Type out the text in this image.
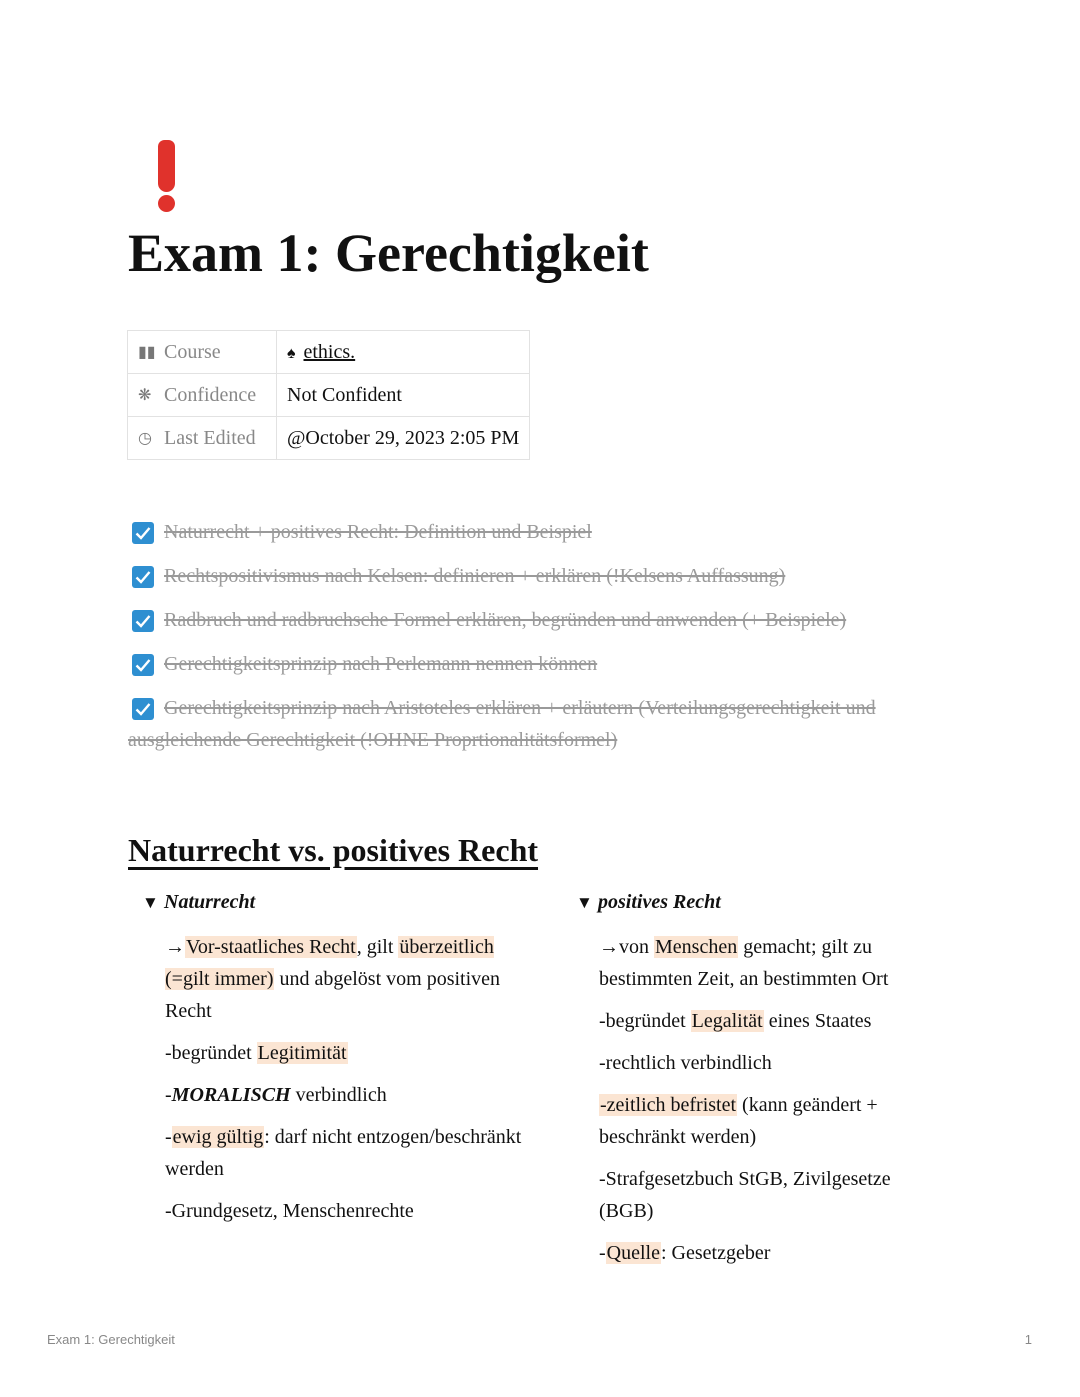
Exam 1: Gerechtigkeit
▮▮ Course	♠ ethics.
❋ Confidence	Not Confident
◷ Last Edited	@October 29, 2023 2:05 PM
Naturrecht + positives Recht: Definition und Beispiel
Rechtspositivismus nach Kelsen: definieren + erklären (!Kelsens Auffassung)
Radbruch und radbruchsche Formel erklären, begründen und anwenden (+ Beispiele)
Gerechtigkeitsprinzip nach Perlemann nennen können
Gerechtigkeitsprinzip nach Aristoteles erklären + erläutern (Verteilungsgerechtigkeit und ausgleichende Gerechtigkeit (!OHNE Proprtionalitätsformel)
Naturrecht vs. positives Recht
▼ Naturrecht

→Vor-staatliches Recht, gilt überzeitlich (=gilt immer) und abgelöst vom positiven Recht

-begründet Legitimität

-MORALISCH verbindlich

-ewig gültig: darf nicht entzogen/beschränkt werden

-Grundgesetz, Menschenrechte

▼ positives Recht

→von Menschen gemacht; gilt zu bestimmten Zeit, an bestimmten Ort

-begründet Legalität eines Staates

-rechtlich verbindlich

-zeitlich befristet (kann geändert + beschränkt werden)

-Strafgesetzbuch StGB, Zivilgesetze (BGB)

-Quelle: Gesetzgeber

Exam 1: Gerechtigkeit	1
